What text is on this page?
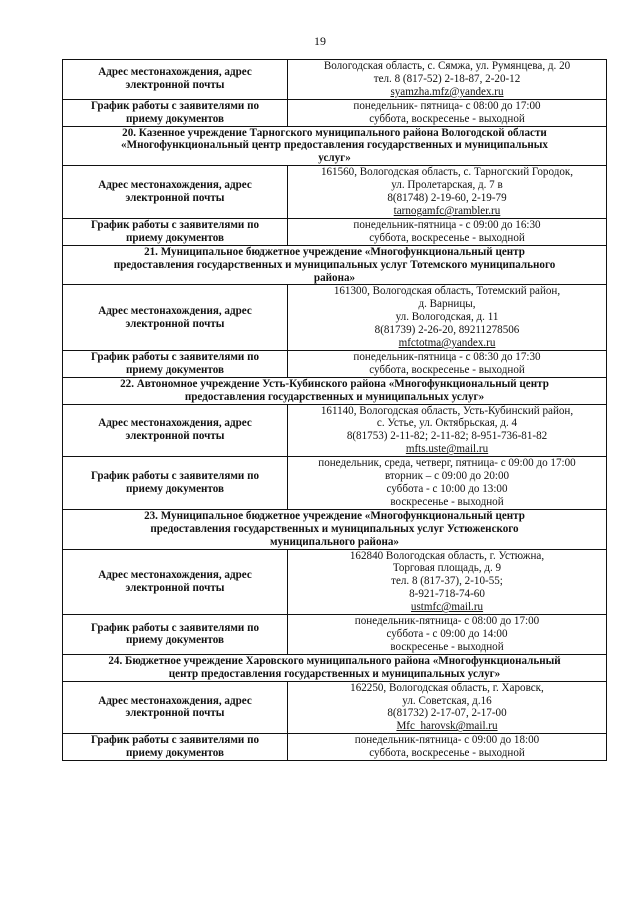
19
Адрес местонахождения, адрес
электронной почты	Вологодская область, с. Сямжа, ул. Румянцева, д. 20
тел. 8 (817-52) 2-18-87, 2-20-12
syamzha.mfz@yandex.ru

График работы с заявителями по
приему документов	понедельник- пятница- с 08:00 до 17:00
суббота, воскресенье - выходной

20. Казенное учреждение Тарногского муниципального района Вологодской области
«Многофункциональный центр предоставления государственных и муниципальных
услуг»	

Адрес местонахождения, адрес
электронной почты	161560, Вологодская область, с. Тарногский Городок,
ул. Пролетарская, д. 7 в
8(81748) 2-19-60, 2-19-79
tarnogamfc@rambler.ru

График работы с заявителями по
приему документов	понедельник-пятница - с 09:00 до 16:30
суббота, воскресенье - выходной

21. Муниципальное бюджетное учреждение «Многофункциональный центр
предоставления государственных и муниципальных услуг Тотемского муниципального
района»	

Адрес местонахождения, адрес
электронной почты	161300, Вологодская область, Тотемский район,
д. Варницы,
ул. Вологодская, д. 11
8(81739) 2-26-20, 89211278506
mfctotma@yandex.ru

График работы с заявителями по
приему документов	понедельник-пятница - с 08:30 до 17:30
суббота, воскресенье - выходной

22. Автономное учреждение Усть-Кубинского района «Многофункциональный центр
предоставления государственных и муниципальных услуг»	

Адрес местонахождения, адрес
электронной почты	161140, Вологодская область, Усть-Кубинский район,
с. Устье, ул. Октябрьская, д. 4
8(81753) 2-11-82; 2-11-82; 8-951-736-81-82
mfts.uste@mail.ru

График работы с заявителями по
приему документов	понедельник, среда, четверг, пятница- с 09:00 до 17:00
вторник – с 09:00 до 20:00
суббота - с 10:00 до 13:00
воскресенье - выходной

23. Муниципальное бюджетное учреждение «Многофункциональный центр
предоставления государственных и муниципальных услуг Устюженского
муниципального района»	

Адрес местонахождения, адрес
электронной почты	162840 Вологодская область, г. Устюжна,
Торговая площадь, д. 9
тел. 8 (817-37), 2-10-55;
8-921-718-74-60
ustmfc@mail.ru

График работы с заявителями по
приему документов	понедельник-пятница- с 08:00 до 17:00
суббота - с 09:00 до 14:00
воскресенье - выходной

24. Бюджетное учреждение Харовского муниципального района «Многофункциональный
центр предоставления государственных и муниципальных услуг»	

Адрес местонахождения, адрес
электронной почты	162250, Вологодская область, г. Харовск,
ул. Советская, д.16
8(81732) 2-17-07, 2-17-00
Mfc_harovsk@mail.ru

График работы с заявителями по
приему документов	понедельник-пятница- с 09:00 до 18:00
суббота, воскресенье - выходной
